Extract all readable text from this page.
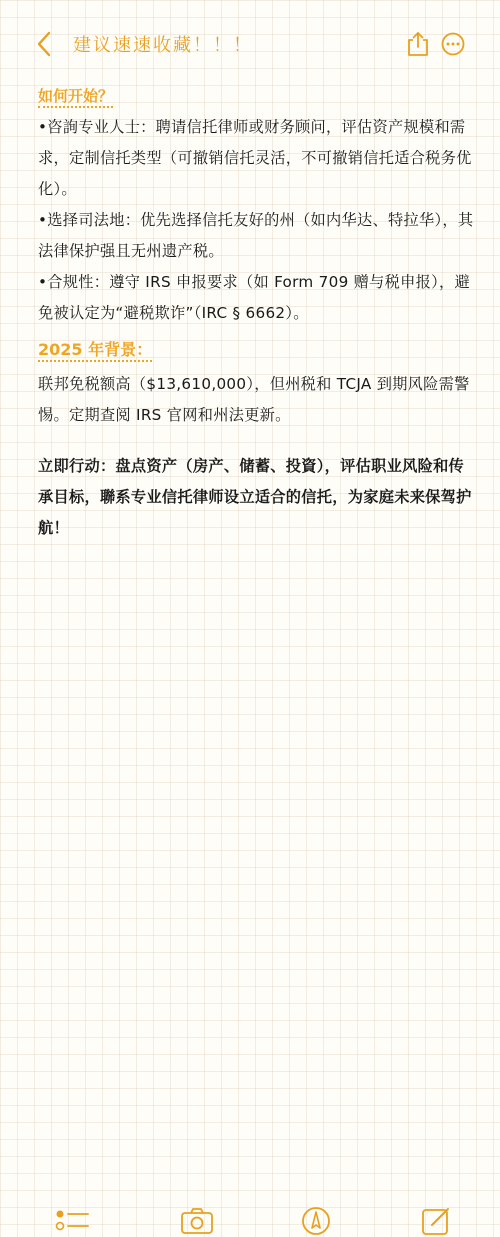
建议速速收藏！！！
如何开始？

•咨詢专业人士：聘请信托律师或财务顾问，评估资产规模和需求，定制信托类型（可撤销信托灵活，不可撤销信托适合税务优化）。

•选择司法地：优先选择信托友好的州（如内华达、特拉华），其法律保护强且无州遗产税。

•合规性：遵守 IRS 申报要求（如 Form 709 赠与税申报），避免被认定为“避税欺诈”（IRC § 6662）。

2025 年背景：

联邦免税额高（$13,610,000），但州税和 TCJA 到期风险需警惕。定期查阅 IRS 官网和州法更新。

立即行动：盘点资产（房产、储蓄、投資），评估职业风险和传承目标，聯系专业信托律师设立适合的信托，为家庭未来保驾护航！
